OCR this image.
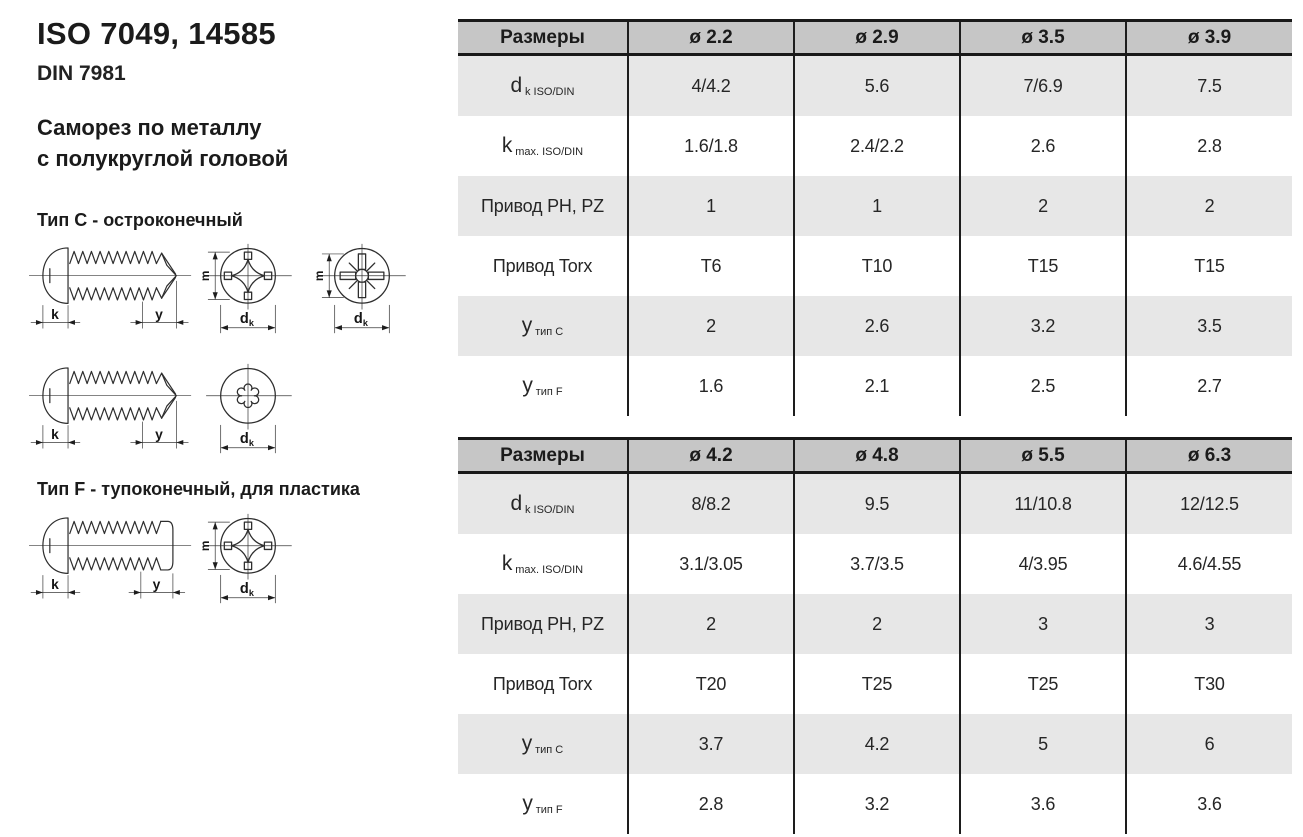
ISO 7049, 14585
DIN 7981
Саморез по металлу
с полукруглой головой
Тип C - остроконечный
k	y
m
d k
m
d k
k	y	d k
Тип F - тупоконечный, для пластика
k	y
m
d k
Размеры	ø 2.2	ø 2.9	ø 3.5	ø 3.9
d k ISO/DIN	4/4.2	5.6	7/6.9	7.5
k max. ISO/DIN	1.6/1.8	2.4/2.2	2.6	2.8
Привод PH, PZ	1	1	2	2
Привод Torx	T6	T10	T15	T15
у тип C	2	2.6	3.2	3.5
у тип F	1.6	2.1	2.5	2.7
Размеры	ø 4.2	ø 4.8	ø 5.5	ø 6.3
d k ISO/DIN	8/8.2	9.5	11/10.8	12/12.5
k max. ISO/DIN	3.1/3.05	3.7/3.5	4/3.95	4.6/4.55
Привод PH, PZ	2	2	3	3
Привод Torx	T20	T25	T25	T30
у тип C	3.7	4.2	5	6
у тип F	2.8	3.2	3.6	3.6
